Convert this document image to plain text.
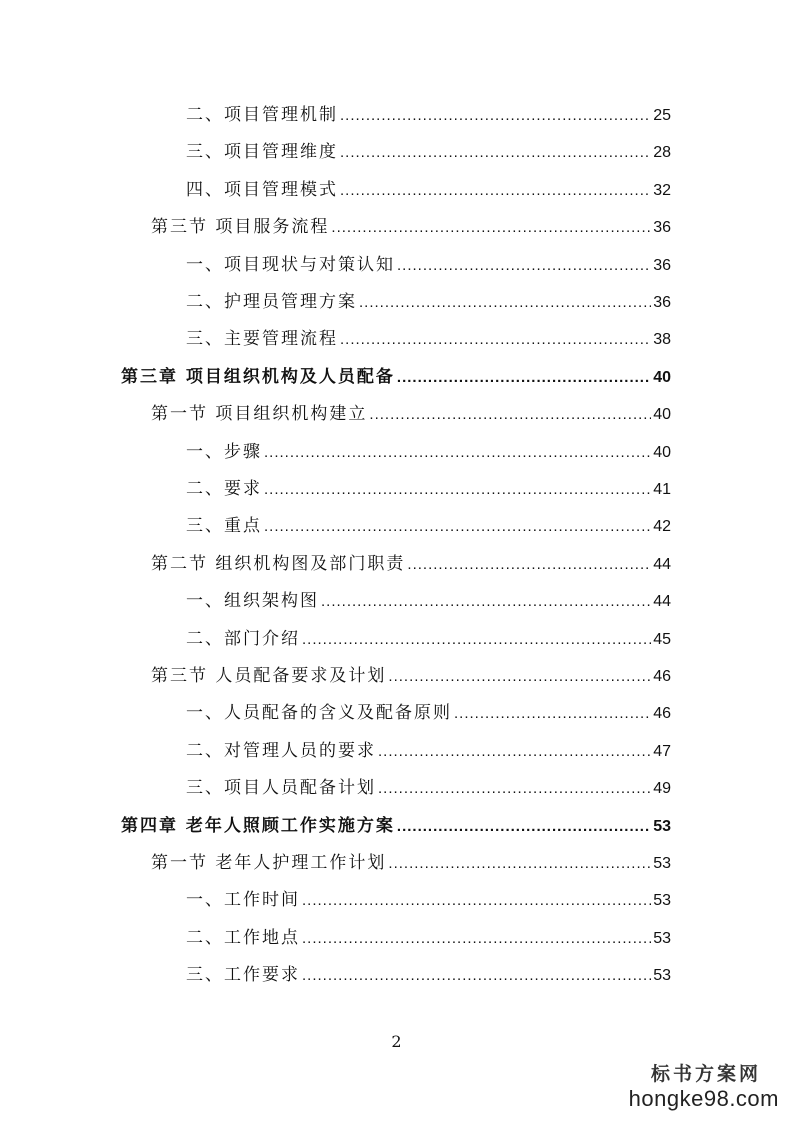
二、项目管理机制 .....	25
三、项目管理维度 .....	28
四、项目管理模式 .....	32
第三节 项目服务流程 .....	36
一、项目现状与对策认知 .....	36
二、护理员管理方案 .....	36
三、主要管理流程 .....	38
第三章 项目组织机构及人员配备 .....	40
第一节 项目组织机构建立 .....	40
一、步骤 .....	40
二、要求 .....	41
三、重点 .....	42
第二节 组织机构图及部门职责 .....	44
一、组织架构图 .....	44
二、部门介绍 .....	45
第三节 人员配备要求及计划 .....	46
一、人员配备的含义及配备原则 .....	46
二、对管理人员的要求 .....	47
三、项目人员配备计划 .....	49
第四章 老年人照顾工作实施方案 .....	53
第一节 老年人护理工作计划 .....	53
一、工作时间 .....	53
二、工作地点 .....	53
三、工作要求 .....	53
2
标书方案网
hongke98.com
